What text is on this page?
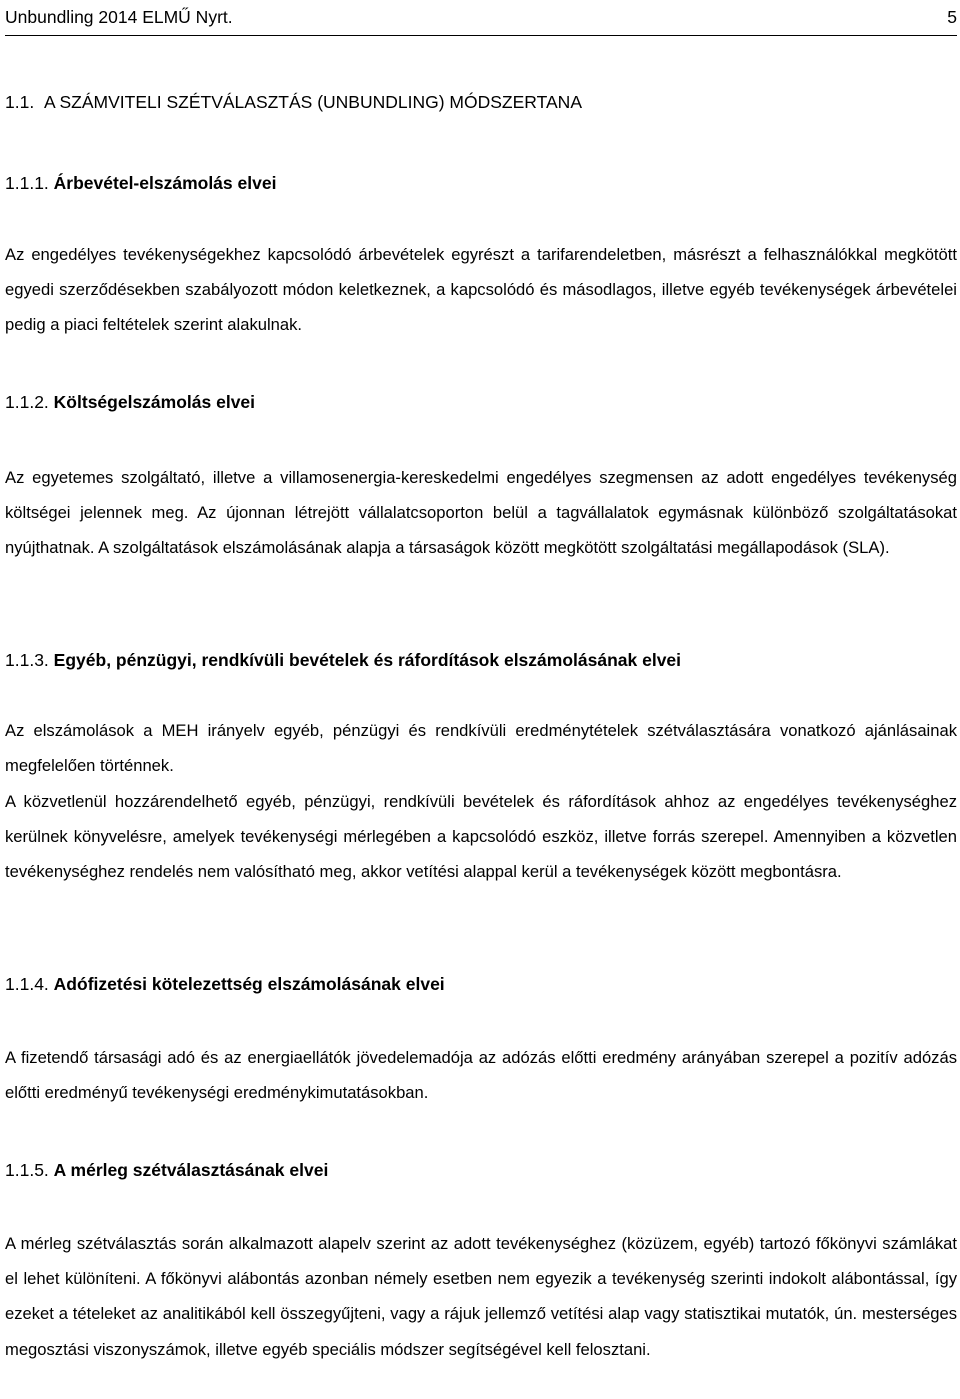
Unbundling 2014 ELMŰ Nyrt.	5
1.1. A SZÁMVITELI SZÉTVÁLASZTÁS (UNBUNDLING) MÓDSZERTANA
1.1.1. Árbevétel-elszámolás elvei

Az engedélyes tevékenységekhez kapcsolódó árbevételek egyrészt a tarifarendeletben, másrészt a felhasználókkal megkötött egyedi szerződésekben szabályozott módon keletkeznek, a kapcsolódó és másodlagos, illetve egyéb tevékenységek árbevételei pedig a piaci feltételek szerint alakulnak.

1.1.2. Költségelszámolás elvei

Az egyetemes szolgáltató, illetve a villamosenergia-kereskedelmi engedélyes szegmensen az adott engedélyes tevékenység költségei jelennek meg. Az újonnan létrejött vállalatcsoporton belül a tagvállalatok egymásnak különböző szolgáltatásokat nyújthatnak. A szolgáltatások elszámolásának alapja a társaságok között megkötött szolgáltatási megállapodások (SLA).

1.1.3. Egyéb, pénzügyi, rendkívüli bevételek és ráfordítások elszámolásának elvei

Az elszámolások a MEH irányelv egyéb, pénzügyi és rendkívüli eredménytételek szétválasztására vonatkozó ajánlásainak megfelelően történnek.

A közvetlenül hozzárendelhető egyéb, pénzügyi, rendkívüli bevételek és ráfordítások ahhoz az engedélyes tevékenységhez kerülnek könyvelésre, amelyek tevékenységi mérlegében a kapcsolódó eszköz, illetve forrás szerepel. Amennyiben a közvetlen tevékenységhez rendelés nem valósítható meg, akkor vetítési alappal kerül a tevékenységek között megbontásra.

1.1.4. Adófizetési kötelezettség elszámolásának elvei

A fizetendő társasági adó és az energiaellátók jövedelemadója az adózás előtti eredmény arányában szerepel a pozitív adózás előtti eredményű tevékenységi eredménykimutatásokban.

1.1.5. A mérleg szétválasztásának elvei

A mérleg szétválasztás során alkalmazott alapelv szerint az adott tevékenységhez (közüzem, egyéb) tartozó főkönyvi számlákat el lehet különíteni. A főkönyvi alábontás azonban némely esetben nem egyezik a tevékenység szerinti indokolt alábontással, így ezeket a tételeket az analitikából kell összegyűjteni, vagy a rájuk jellemző vetítési alap vagy statisztikai mutatók, ún. mesterséges megosztási viszonyszámok, illetve egyéb speciális módszer segítségével kell felosztani.
